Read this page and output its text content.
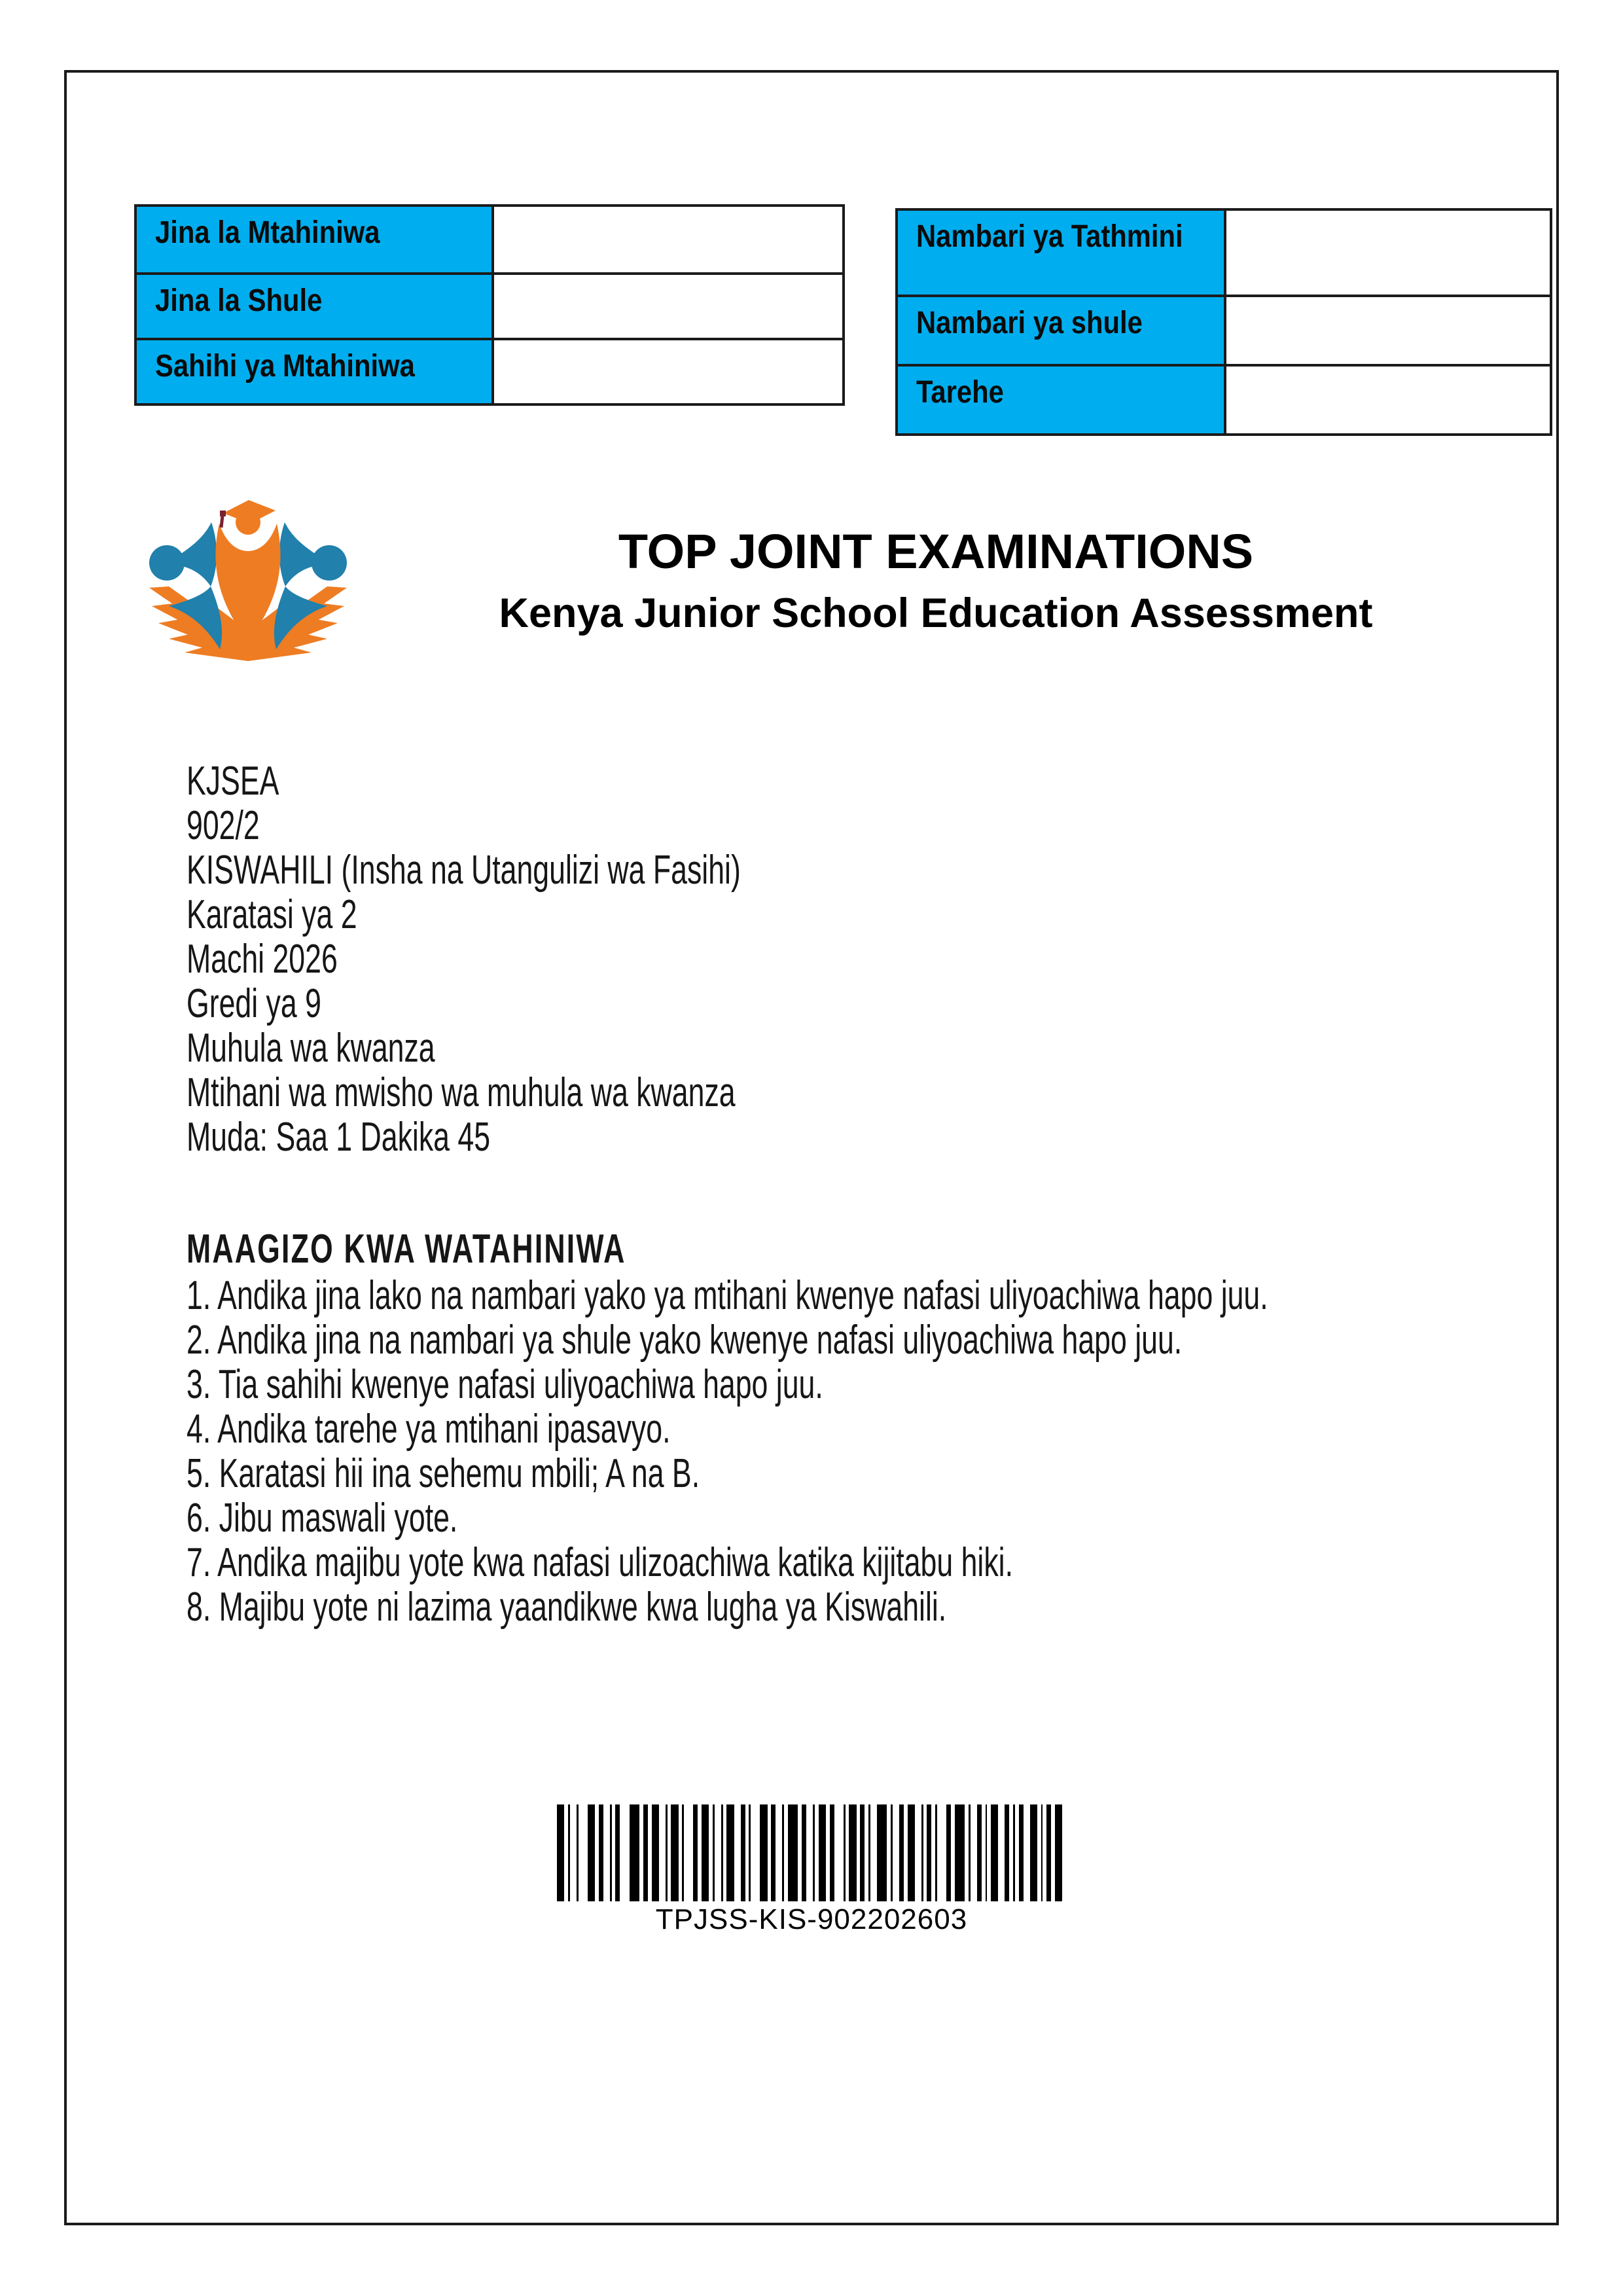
Jina la Mtahiniwa
Jina la Shule
Sahihi ya Mtahiniwa
Nambari ya Tathmini
Nambari ya shule
Tarehe
TOP JOINT EXAMINATIONS
Kenya Junior School Education Assessment
KJSEA
902/2
KISWAHILI (Insha na Utangulizi wa Fasihi)
Karatasi ya 2
Machi 2026
Gredi ya 9
Muhula wa kwanza
Mtihani wa mwisho wa muhula wa kwanza
Muda: Saa 1 Dakika 45
MAAGIZO KWA WATAHINIWA
1. Andika jina lako na nambari yako ya mtihani kwenye nafasi uliyoachiwa hapo juu.
2. Andika jina na nambari ya shule yako kwenye nafasi uliyoachiwa hapo juu.
3. Tia sahihi kwenye nafasi uliyoachiwa hapo juu.
4. Andika tarehe ya mtihani ipasavyo.
5. Karatasi hii ina sehemu mbili; A na B.
6. Jibu maswali yote.
7. Andika majibu yote kwa nafasi ulizoachiwa katika kijitabu hiki.
8. Majibu yote ni lazima yaandikwe kwa lugha ya Kiswahili.
TPJSS-KIS-902202603
